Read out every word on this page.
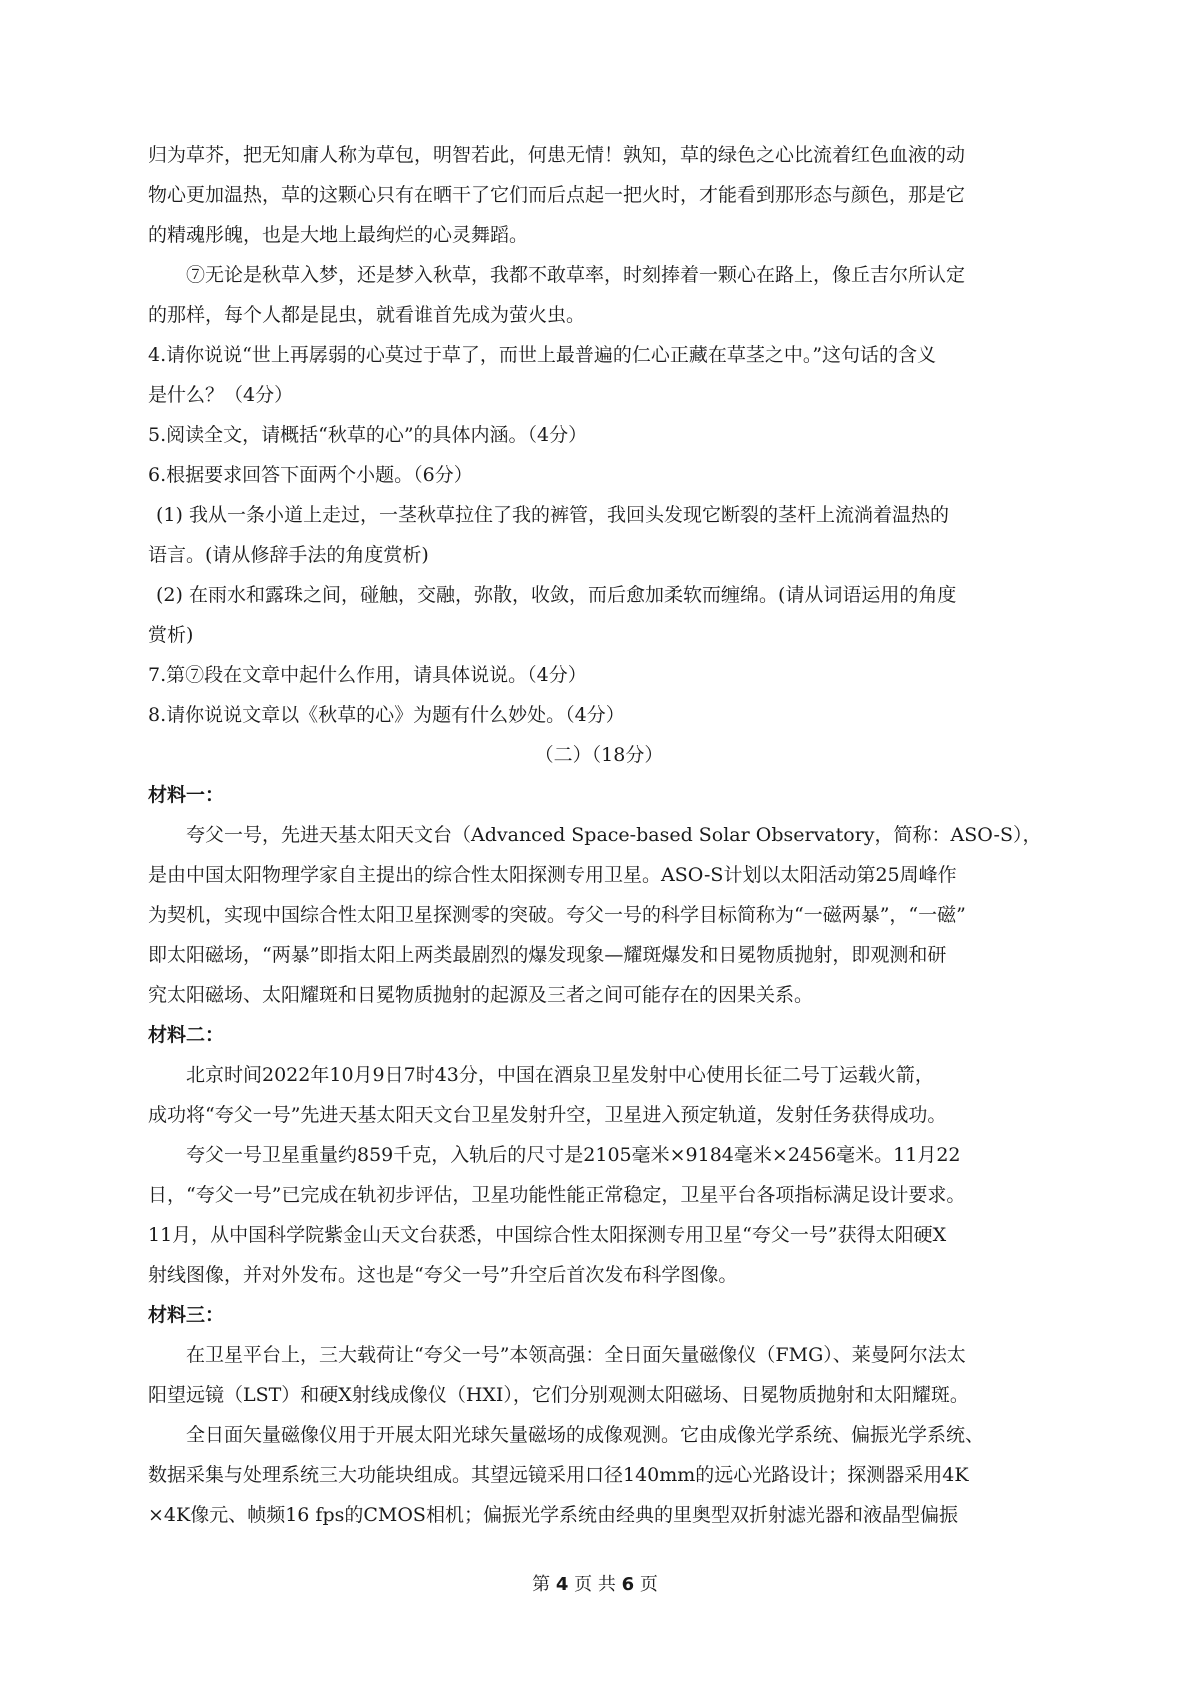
归为草芥，把无知庸人称为草包，明智若此，何患无情！孰知，草的绿色之心比流着红色血液的动
物心更加温热，草的这颗心只有在晒干了它们而后点起一把火时，才能看到那形态与颜色，那是它
的精魂彤魄，也是大地上最绚烂的心灵舞蹈。
⑦无论是秋草入梦，还是梦入秋草，我都不敢草率，时刻捧着一颗心在路上，像丘吉尔所认定
的那样，每个人都是昆虫，就看谁首先成为萤火虫。
4.请你说说“世上再孱弱的心莫过于草了，而世上最普遍的仁心正藏在草茎之中。”这句话的含义
是什么？（4分）
5.阅读全文，请概括“秋草的心”的具体内涵。（4分）
6.根据要求回答下面两个小题。（6分）
(1) 我从一条小道上走过，一茎秋草拉住了我的裤管，我回头发现它断裂的茎杆上流淌着温热的
语言。(请从修辞手法的角度赏析)
(2) 在雨水和露珠之间，碰触，交融，弥散，收敛，而后愈加柔软而缠绵。(请从词语运用的角度
赏析)
7.第⑦段在文章中起什么作用，请具体说说。（4分）
8.请你说说文章以《秋草的心》为题有什么妙处。（4分）
（二）（18分）
材料一：
夸父一号，先进天基太阳天文台（Advanced Space-based Solar Observatory，简称：ASO-S），
是由中国太阳物理学家自主提出的综合性太阳探测专用卫星。ASO-S计划以太阳活动第25周峰作
为契机，实现中国综合性太阳卫星探测零的突破。夸父一号的科学目标简称为“一磁两暴”，“一磁”
即太阳磁场，“两暴”即指太阳上两类最剧烈的爆发现象—耀斑爆发和日冕物质抛射，即观测和研
究太阳磁场、太阳耀斑和日冕物质抛射的起源及三者之间可能存在的因果关系。
材料二：
北京时间2022年10月9日7时43分，中国在酒泉卫星发射中心使用长征二号丁运载火箭，
成功将“夸父一号”先进天基太阳天文台卫星发射升空，卫星进入预定轨道，发射任务获得成功。
夸父一号卫星重量约859千克，入轨后的尺寸是2105毫米×9184毫米×2456毫米。11月22
日，“夸父一号”已完成在轨初步评估，卫星功能性能正常稳定，卫星平台各项指标满足设计要求。
11月，从中国科学院紫金山天文台获悉，中国综合性太阳探测专用卫星“夸父一号”获得太阳硬X
射线图像，并对外发布。这也是“夸父一号”升空后首次发布科学图像。
材料三：
在卫星平台上，三大载荷让“夸父一号”本领高强：全日面矢量磁像仪（FMG）、莱曼阿尔法太
阳望远镜（LST）和硬X射线成像仪（HXI），它们分别观测太阳磁场、日冕物质抛射和太阳耀斑。
全日面矢量磁像仪用于开展太阳光球矢量磁场的成像观测。它由成像光学系统、偏振光学系统、
数据采集与处理系统三大功能块组成。其望远镜采用口径140mm的远心光路设计；探测器采用4K
×4K像元、帧频16 fps的CMOS相机；偏振光学系统由经典的里奥型双折射滤光器和液晶型偏振
第 4 页 共 6 页
